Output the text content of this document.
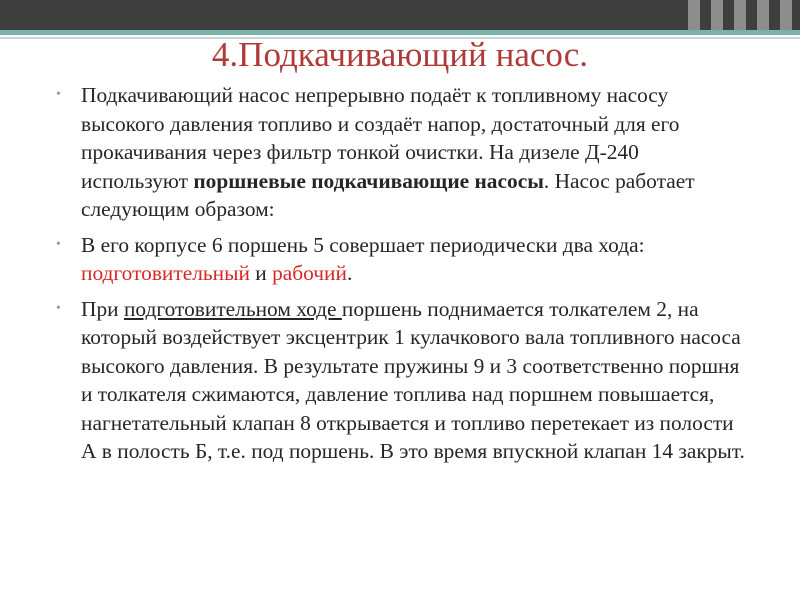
4.Подкачивающий насос.
• Подкачивающий насос непрерывно подаёт к топливному насосу высокого давления топливо и создаёт напор, достаточный для его прокачивания через фильтр тонкой очистки. На дизеле Д-240 используют поршневые подкачивающие насосы. Насос работает следующим образом:
• В его корпусе 6 поршень 5 совершает периодически два хода: подготовительный и рабочий.
• При подготовительном ходе поршень поднимается толкателем 2, на который воздействует эксцентрик 1 кулачкового вала топливного насоса высокого давления. В результате пружины 9 и 3 соответственно поршня и толкателя сжимаются, давление топлива над поршнем повышается, нагнетательный клапан 8 открывается и топливо перетекает из полости А в полость Б, т.е. под поршень. В это время впускной клапан 14 закрыт.
